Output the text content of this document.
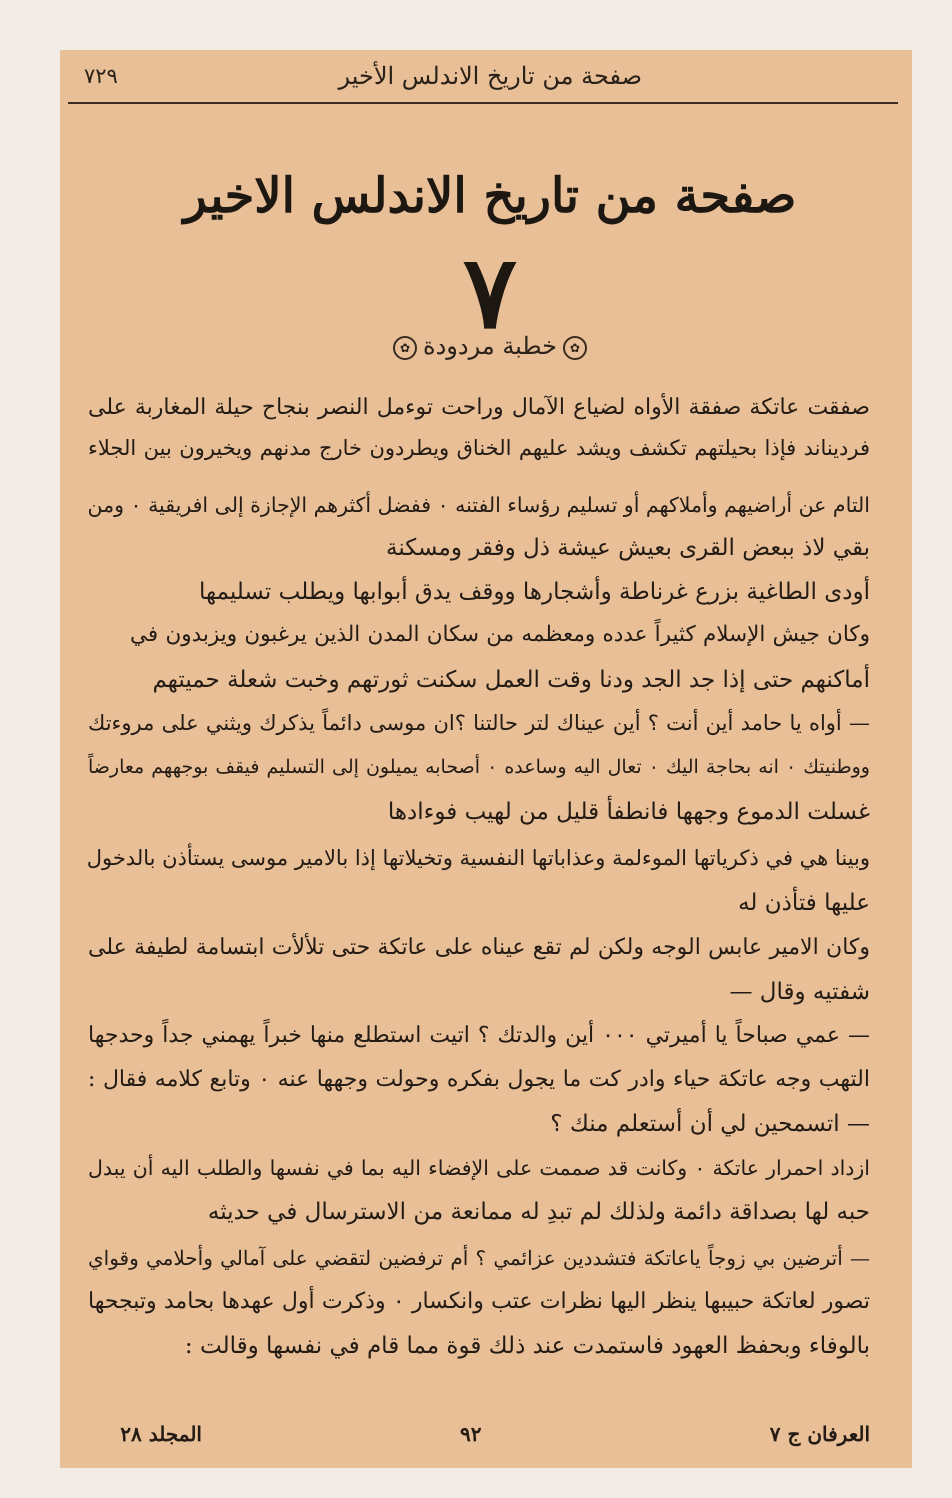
صفحة من تاريخ الاندلس الأخير
٧٢٩
صفحة من تاريخ الاندلس الاخير
٧	✿خطبة مردودة✿
صفقت عاتكة صفقة الأواه لضياع الآمال وراحت توءمل النصر بنجاح حيلة المغاربة على
فرديناند فإذا بحيلتهم تكشف ويشد عليهم الخناق ويطردون خارج مدنهم ويخيرون بين الجلاء
التام عن أراضيهم وأملاكهم أو تسليم رؤساء الفتنه ٠ ففضل أكثرهم الإجازة إلى افريقية ٠ ومن
بقي لاذ ببعض القرى بعيش عيشة ذل وفقر ومسكنة
أودى الطاغية بزرع غرناطة وأشجارها ووقف يدق أبوابها ويطلب تسليمها
وكان جيش الإسلام كثيراً عدده ومعظمه من سكان المدن الذين يرغبون ويزبدون في
أماكنهم حتى إذا جد الجد ودنا وقت العمل سكنت ثورتهم وخبت شعلة حميتهم
— أواه يا حامد أين أنت ؟ أين عيناك لتر حالتنا ؟ان موسى دائماً يذكرك ويثني على مروءتك
ووطنيتك ٠ انه بحاجة اليك ٠ تعال اليه وساعده ٠ أصحابه يميلون إلى التسليم فيقف بوجههم معارضاً
غسلت الدموع وجهها فانطفأ قليل من لهيب فوءادها
وبينا هي في ذكرياتها الموءلمة وعذاباتها النفسية وتخيلاتها إذا بالامير موسى يستأذن بالدخول
عليها فتأذن له
وكان الامير عابس الوجه ولكن لم تقع عيناه على عاتكة حتى تلألأت ابتسامة لطيفة على
شفتيه وقال —
— عمي صباحاً يا أميرتي ٠٠٠ أين والدتك ؟ اتيت استطلع منها خبراً يهمني جداً وحدجها
التهب وجه عاتكة حياء وادر كت ما يجول بفكره وحولت وجهها عنه ٠ وتابع كلامه فقال :
— اتسمحين لي أن أستعلم منك ؟
ازداد احمرار عاتكة ٠ وكانت قد صممت على الإفضاء اليه بما في نفسها والطلب اليه أن يبدل
حبه لها بصداقة دائمة ولذلك لم تبدِ له ممانعة من الاسترسال في حديثه
— أترضين بي زوجاً ياعاتكة فتشددين عزائمي ؟ أم ترفضين لتقضي على آمالي وأحلامي وقواي
تصور لعاتكة حبيبها ينظر اليها نظرات عتب وانكسار ٠ وذكرت أول عهدها بحامد وتبجحها
بالوفاء وبحفظ العهود فاستمدت عند ذلك قوة مما قام في نفسها وقالت :
العرفان ج ٧
٩٢
المجلد ٢٨
